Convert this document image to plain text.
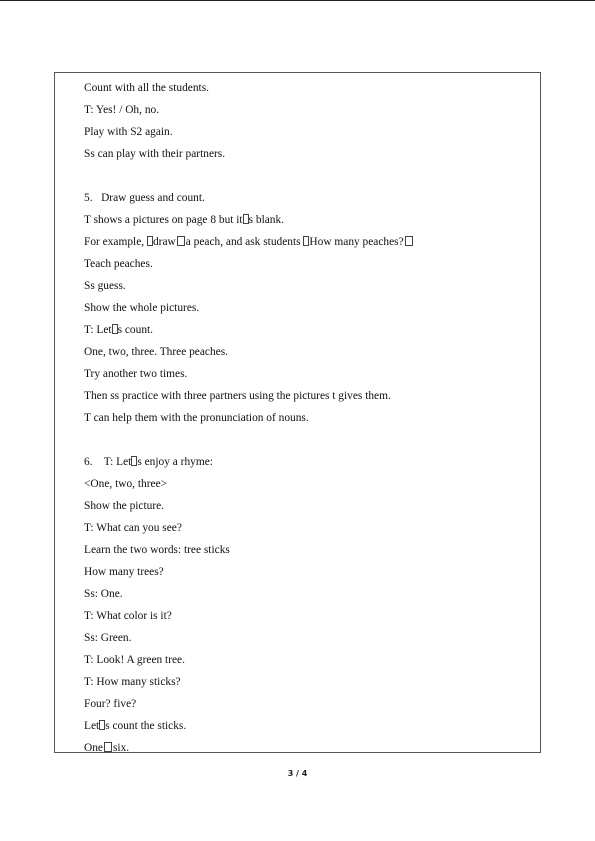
Count with all the students.
T: Yes! / Oh, no.
Play with S2 again.
Ss can play with their partners.
5.   Draw guess and count.
T shows a pictures on page 8 but it s blank.
For example, draw a peach, and ask students How many peaches?
Teach peaches.
Ss guess.
Show the whole pictures.
T: Let s count.
One, two, three. Three peaches.
Try another two times.
Then ss practice with three partners using the pictures t gives them.
T can help them with the pronunciation of nouns.
6.    T: Let s enjoy a rhyme:
<One, two, three>
Show the picture.
T: What can you see?
Learn the two words: tree sticks
How many trees?
Ss: One.
T: What color is it?
Ss: Green.
T: Look! A green tree.
T: How many sticks?
Four? five?
Let s count the sticks.
One six.
3 / 4
